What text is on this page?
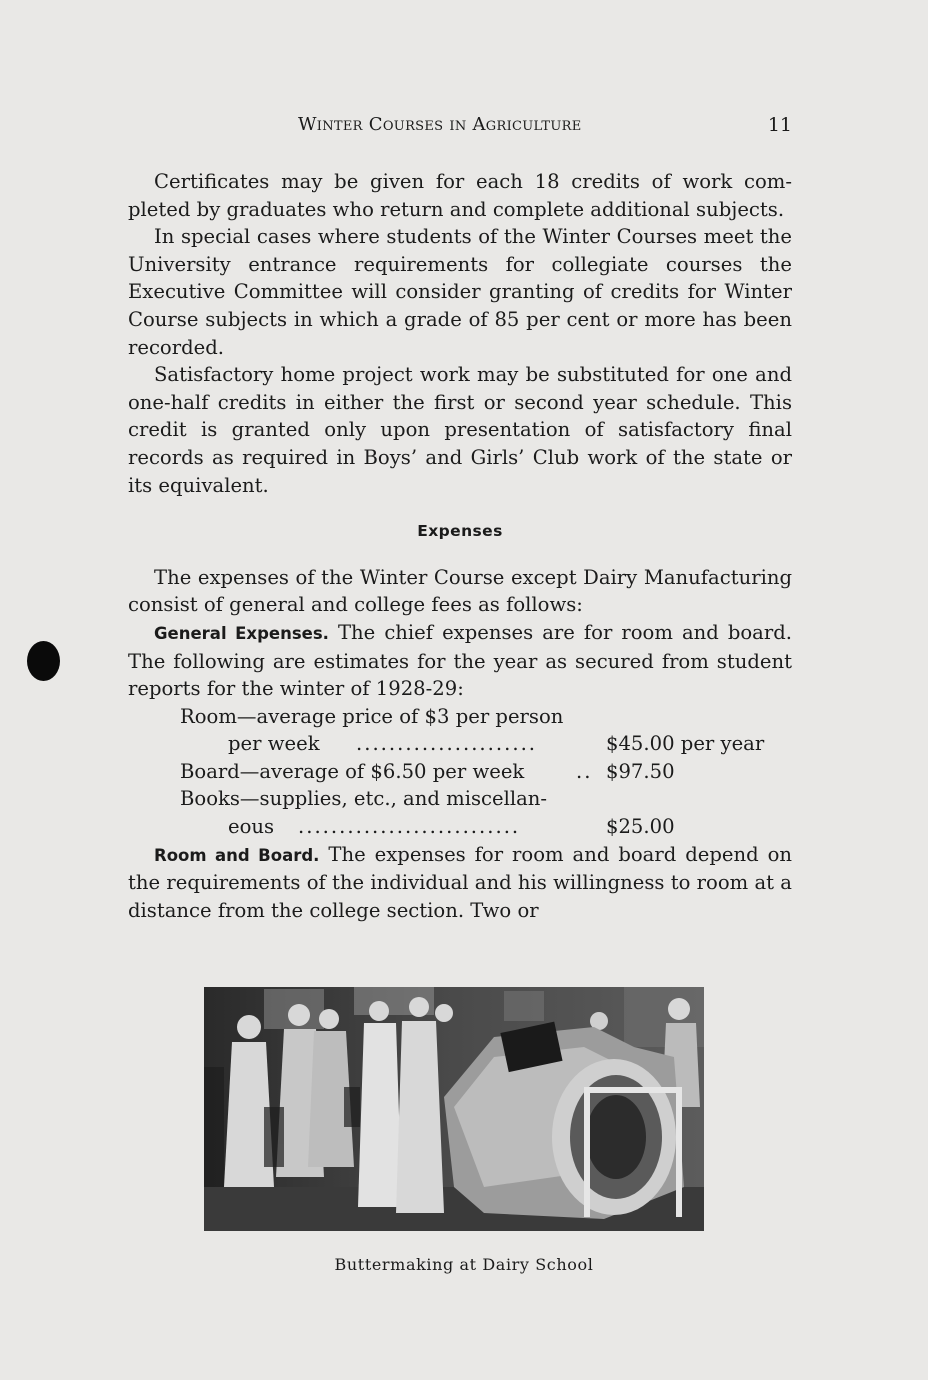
Winter Courses in Agriculture	11

Certificates may be given for each 18 credits of work completed by graduates who return and complete additional subjects.

In special cases where students of the Winter Courses meet the University entrance requirements for collegiate courses the Executive Committee will consider granting of credits for Winter Course subjects in which a grade of 85 per cent or more has been recorded.

Satisfactory home project work may be substituted for one and one-half credits in either the first or second year schedule. This credit is granted only upon presentation of satisfactory final records as required in Boys’ and Girls’ Club work of the state or its equivalent.

Expenses

The expenses of the Winter Course except Dairy Manufacturing consist of general and college fees as follows:

General Expenses. The chief expenses are for room and board. The following are estimates for the year as secured from student reports for the winter of 1928-29:

Room—average price of $3 per person
per week ......................	$45.00 per year
Board—average of $6.50 per week	.. $97.50
Books—supplies, etc., and miscellan-
eous ...........................	$25.00

Room and Board. The expenses for room and board depend on the requirements of the individual and his willingness to room at a distance from the college section. Two or

Buttermaking at Dairy School
